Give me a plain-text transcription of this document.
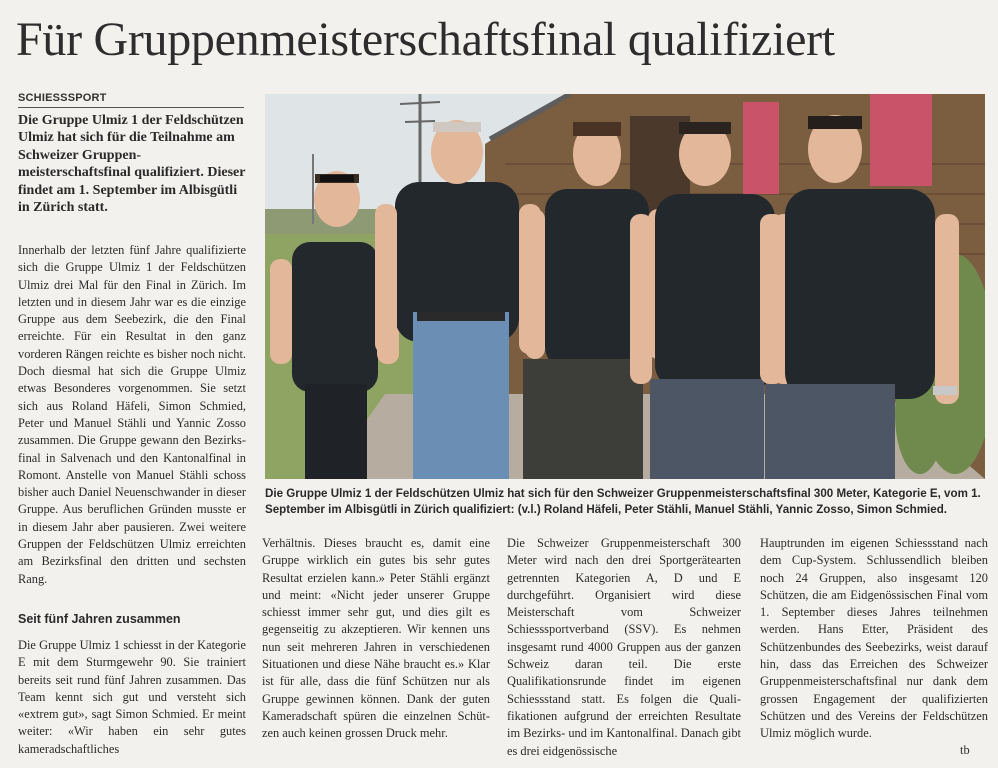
Für Gruppenmeisterschaftsfinal qualifiziert
SCHIESSSPORT
Die Gruppe Ulmiz 1 der Feldschützen Ulmiz hat sich für die Teilnahme am Schweizer Gruppenmeisterschaftsfinal qualifiziert. Dieser findet am 1. September im Albisgütli in Zürich statt.

Innerhalb der letzten fünf Jahre qualifizierte sich die Gruppe Ulmiz 1 der Feldschützen Ulmiz drei Mal für den Final in Zürich. Im letzten und in diesem Jahr war es die einzige Gruppe aus dem Seebezirk, die den Final erreichte. Für ein Resultat in den ganz vorderen Rängen reichte es bisher noch nicht. Doch diesmal hat sich die Gruppe Ulmiz etwas Besonderes vorgenommen. Sie setzt sich aus Roland Häfeli, Simon Schmied, Peter und Manuel Stähli und Yannic Zosso zusammen. Die Gruppe gewann den Bezirksfinal in Salvenach und den Kantonalfinal in Romont. Anstelle von Manuel Stähli schoss bisher auch Daniel Neuenschwander in dieser Gruppe. Aus beruflichen Gründen musste er in diesem Jahr aber pausieren. Zwei weitere Gruppen der Feldschützen Ulmiz erreichten am Bezirksfinal den dritten und sechsten Rang.

Seit fünf Jahren zusammen

Die Gruppe Ulmiz 1 schiesst in der Kategorie E mit dem Sturmgewehr 90. Sie trainiert bereits seit rund fünf Jahren zusammen. Das Team kennt sich gut und versteht sich «extrem gut», sagt Simon Schmied. Er meint weiter: «Wir haben ein sehr gutes kameradschaftliches

Die Gruppe Ulmiz 1 der Feldschützen Ulmiz hat sich für den Schweizer Gruppenmeisterschaftsfinal 300 Meter, Kategorie E, vom 1. September im Albisgütli in Zürich qualifiziert: (v.l.) Roland Häfeli, Peter Stähli, Manuel Stähli, Yannic Zosso, Simon Schmied.

Verhältnis. Dieses braucht es, damit eine Gruppe wirklich ein gutes bis sehr gutes Resultat erzielen kann.» Peter Stähli ergänzt und meint: «Nicht jeder unserer Gruppe schiesst immer sehr gut, und dies gilt es gegenseitig zu akzeptieren. Wir kennen uns nun seit mehreren Jahren in verschiedenen Situationen und diese Nähe braucht es.» Klar ist für alle, dass die fünf Schützen nur als Gruppe gewinnen können. Dank der guten Kameradschaft spüren die einzelnen Schützen auch keinen grossen Druck mehr.

Die Schweizer Gruppenmeisterschaft 300 Meter wird nach den drei Sportgerätearten getrennten Kategorien A, D und E durchgeführt. Organisiert wird diese Meisterschaft vom Schweizer Schiesssportverband (SSV). Es nehmen insgesamt rund 4000 Gruppen aus der ganzen Schweiz daran teil. Die erste Qualifikationsrunde findet im eigenen Schiessstand statt. Es folgen die Qualifikationen aufgrund der erreichten Resultate im Bezirks- und im Kantonalfinal. Danach gibt es drei eidgenössische

Hauptrunden im eigenen Schiessstand nach dem Cup-System. Schlussendlich bleiben noch 24 Gruppen, also insgesamt 120 Schützen, die am Eidgenössischen Final vom 1. September dieses Jahres teilnehmen werden. Hans Etter, Präsident des Schützenbundes des Seebezirks, weist darauf hin, dass das Erreichen des Schweizer Gruppenmeisterschaftsfinal nur dank dem grossen Engagement der qualifizierten Schützen und des Vereins der Feldschützen Ulmiz möglich wurde.

tb
